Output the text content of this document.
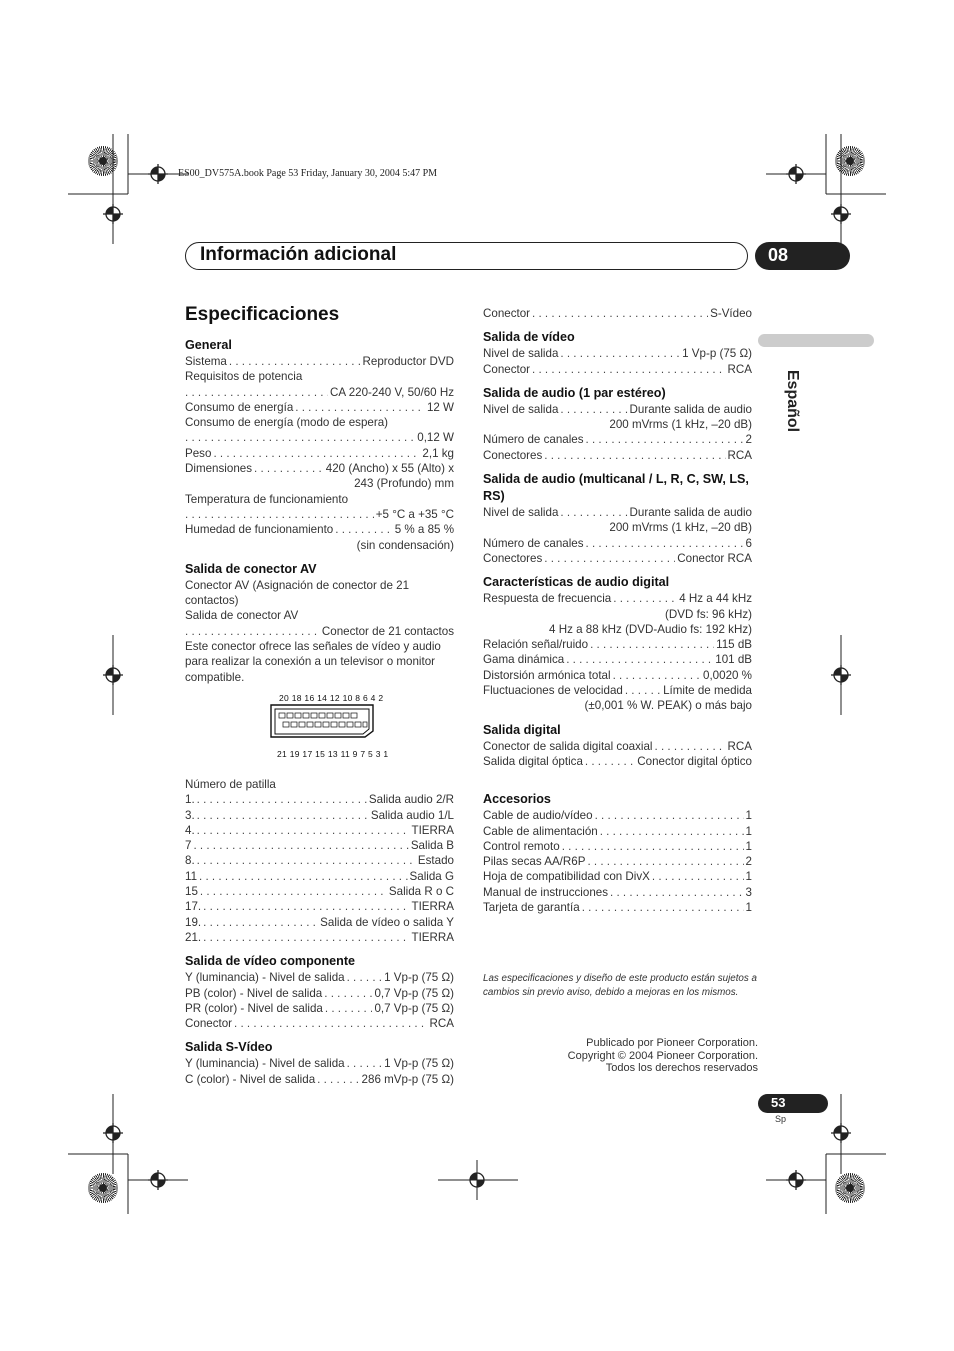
ES00_DV575A.book Page 53 Friday, January 30, 2004 5:47 PM
Información adicional	08
Español
Especificaciones
General
Sistema . . .	Reproductor DVD
Requisitos de potencia
. . .
CA 220-240 V, 50/60 Hz
Consumo de energía . . .	12 W
Consumo de energía (modo de espera)
. . .
0,12 W
Peso . . .	2,1 kg
Dimensiones . . .	420 (Ancho) x 55 (Alto) x
243 (Profundo) mm
Temperatura de funcionamiento
. . .
+5 °C a +35 °C
Humedad de funcionamiento . . .	5 % a 85 %
(sin condensación)
Salida de conector AV
Conector AV (Asignación de conector de 21 contactos)
Salida de conector AV
. . .
Conector de 21 contactos
Este conector ofrece las señales de vídeo y audio para realizar la conexión a un televisor o monitor compatible.
20 18 16 14 12 10 8 6 4 2
21 19 17 15 13 11 9 7 5 3 1
Número de patilla
1. . . .	Salida audio 2/R
3. . . .	Salida audio 1/L
4. . . .	TIERRA
7 . . .	Salida B
8. . . .	Estado
11 . . .	Salida G
15 . . .	Salida R o C
17. . . .	TIERRA
19. . . .	Salida de vídeo o salida Y
21. . . .	TIERRA
Salida de vídeo componente
Y (luminancia) - Nivel de salida . . .	1 Vp-p (75 Ω)
PB (color) - Nivel de salida . . .	0,7 Vp-p (75 Ω)
PR (color) - Nivel de salida . . .	0,7 Vp-p (75 Ω)
Conector . . .	RCA
Salida S-Vídeo
Y (luminancia) - Nivel de salida . . .	1 Vp-p (75 Ω)
C (color) - Nivel de salida . . .	286 mVp-p (75 Ω)
Conector . . .	S-Vídeo
Salida de vídeo
Nivel de salida . . .	1 Vp-p (75 Ω)
Conector . . .	RCA
Salida de audio (1 par estéreo)
Nivel de salida . . .	Durante salida de audio
200 mVrms (1 kHz, –20 dB)
Número de canales . . .	2
Conectores . . .	RCA
Salida de audio (multicanal / L, R, C, SW, LS, RS)
Nivel de salida . . .	Durante salida de audio
200 mVrms (1 kHz, –20 dB)
Número de canales . . .	6
Conectores . . .	Conector RCA
Características de audio digital
Respuesta de frecuencia . . .	4 Hz a 44 kHz
(DVD fs: 96 kHz)
4 Hz a 88 kHz (DVD-Audio fs: 192 kHz)
Relación señal/ruido . . .	115 dB
Gama dinámica . . .	101 dB
Distorsión armónica total . . .	0,0020 %
Fluctuaciones de velocidad . . .	Límite de medida
(±0,001 % W. PEAK) o más bajo
Salida digital
Conector de salida digital coaxial . . .	RCA
Salida digital óptica . . .	Conector digital óptico
Accesorios
Cable de audio/vídeo . . .	1
Cable de alimentación . . .	1
Control remoto . . .	1
Pilas secas AA/R6P . . .	2
Hoja de compatibilidad con DivX . . .	1
Manual de instrucciones . . .	3
Tarjeta de garantía . . .	1
Las especificaciones y diseño de este producto están sujetos a cambios sin previo aviso, debido a mejoras en los mismos.
Publicado por Pioneer Corporation.
Copyright © 2004 Pioneer Corporation.
Todos los derechos reservados
53
Sp
